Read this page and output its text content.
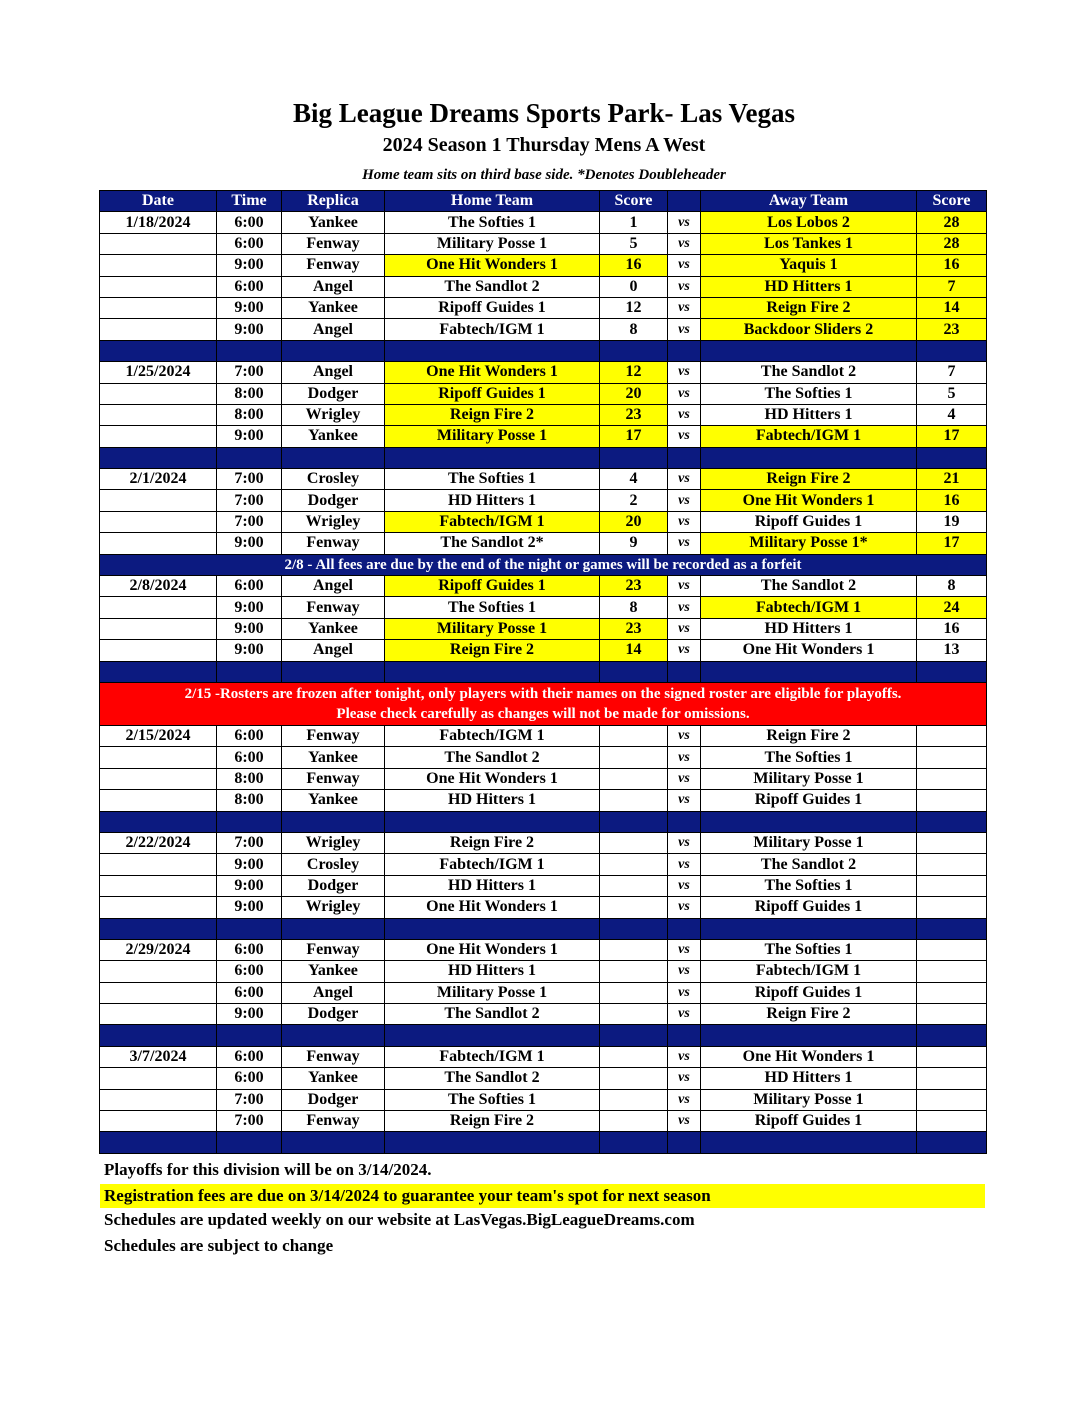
Big League Dreams Sports Park- Las Vegas
2024 Season 1 Thursday Mens A West
Home team sits on third base side. *Denotes Doubleheader
Date	Time	Replica	Home Team	Score		Away Team	Score
1/18/2024	6:00	Yankee	The Softies 1	1	vs	Los Lobos 2	28
	6:00	Fenway	Military Posse 1	5	vs	Los Tankes 1	28
	9:00	Fenway	One Hit Wonders 1	16	vs	Yaquis 1	16
	6:00	Angel	The Sandlot 2	0	vs	HD Hitters 1	7
	9:00	Yankee	Ripoff Guides 1	12	vs	Reign Fire 2	14
	9:00	Angel	Fabtech/IGM 1	8	vs	Backdoor Sliders 2	23

1/25/2024	7:00	Angel	One Hit Wonders 1	12	vs	The Sandlot 2	7
	8:00	Dodger	Ripoff Guides 1	20	vs	The Softies 1	5
	8:00	Wrigley	Reign Fire 2	23	vs	HD Hitters 1	4
	9:00	Yankee	Military Posse 1	17	vs	Fabtech/IGM 1	17

2/1/2024	7:00	Crosley	The Softies 1	4	vs	Reign Fire 2	21
	7:00	Dodger	HD Hitters 1	2	vs	One Hit Wonders 1	16
	7:00	Wrigley	Fabtech/IGM 1	20	vs	Ripoff Guides 1	19
	9:00	Fenway	The Sandlot 2*	9	vs	Military Posse 1*	17
2/8 - All fees are due by the end of the night or games will be recorded as a forfeit							
2/8/2024	6:00	Angel	Ripoff Guides 1	23	vs	The Sandlot 2	8
	9:00	Fenway	The Softies 1	8	vs	Fabtech/IGM 1	24
	9:00	Yankee	Military Posse 1	23	vs	HD Hitters 1	16
	9:00	Angel	Reign Fire 2	14	vs	One Hit Wonders 1	13

2/15 -Rosters are frozen after tonight, only players with their names on the signed roster are eligible for playoffs.
Please check carefully as changes will not be made for omissions.							

2/15/2024	6:00	Fenway	Fabtech/IGM 1		vs	Reign Fire 2	
	6:00	Yankee	The Sandlot 2		vs	The Softies 1	
	8:00	Fenway	One Hit Wonders 1		vs	Military Posse 1	
	8:00	Yankee	HD Hitters 1		vs	Ripoff Guides 1	

2/22/2024	7:00	Wrigley	Reign Fire 2		vs	Military Posse 1	
	9:00	Crosley	Fabtech/IGM 1		vs	The Sandlot 2	
	9:00	Dodger	HD Hitters 1		vs	The Softies 1	
	9:00	Wrigley	One Hit Wonders 1		vs	Ripoff Guides 1	

2/29/2024	6:00	Fenway	One Hit Wonders 1		vs	The Softies 1	
	6:00	Yankee	HD Hitters 1		vs	Fabtech/IGM 1	
	6:00	Angel	Military Posse 1		vs	Ripoff Guides 1	
	9:00	Dodger	The Sandlot 2		vs	Reign Fire 2	

3/7/2024	6:00	Fenway	Fabtech/IGM 1		vs	One Hit Wonders 1	
	6:00	Yankee	The Sandlot 2		vs	HD Hitters 1	
	7:00	Dodger	The Softies 1		vs	Military Posse 1	
	7:00	Fenway	Reign Fire 2		vs	Ripoff Guides 1	

Playoffs for this division will be on 3/14/2024.
Registration fees are due on 3/14/2024 to guarantee your team's spot for next season
Schedules are updated weekly on our website at LasVegas.BigLeagueDreams.com
Schedules are subject to change
